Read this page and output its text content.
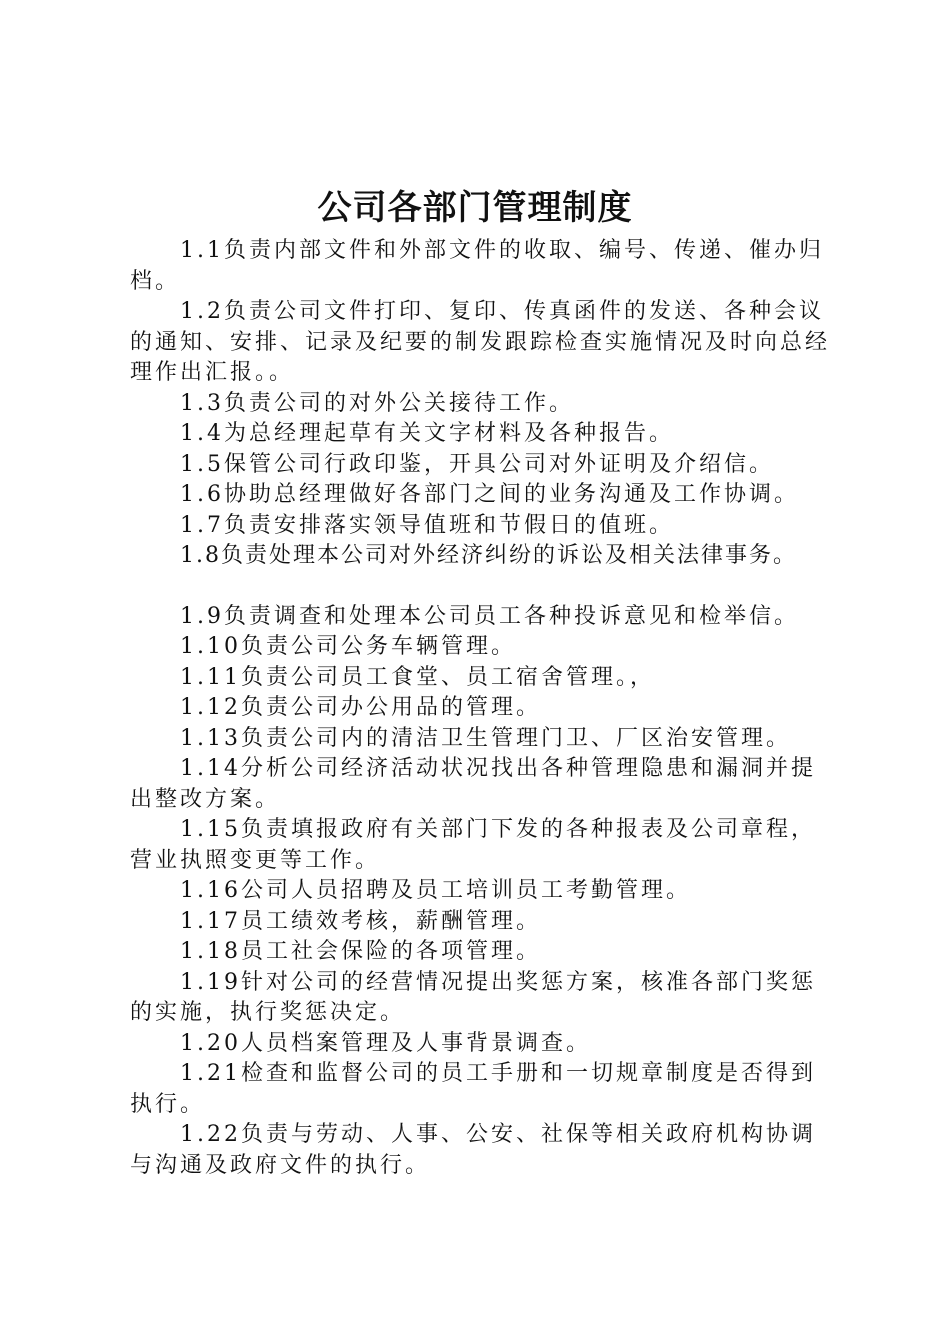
公司各部门管理制度

1.1负责内部文件和外部文件的收取、编号、传递、催办归档。

1.2负责公司文件打印、复印、传真函件的发送、各种会议的通知、安排、记录及纪要的制发跟踪检查实施情况及时向总经理作出汇报。。

1.3负责公司的对外公关接待工作。

1.4为总经理起草有关文字材料及各种报告。

1.5保管公司行政印鉴，开具公司对外证明及介绍信。

1.6协助总经理做好各部门之间的业务沟通及工作协调。

1.7负责安排落实领导值班和节假日的值班。

1.8负责处理本公司对外经济纠纷的诉讼及相关法律事务。

1.9负责调查和处理本公司员工各种投诉意见和检举信。

1.10负责公司公务车辆管理。

1.11负责公司员工食堂、员工宿舍管理。，

1.12负责公司办公用品的管理。

1.13负责公司内的清洁卫生管理门卫、厂区治安管理。

1.14分析公司经济活动状况找出各种管理隐患和漏洞并提出整改方案。

1.15负责填报政府有关部门下发的各种报表及公司章程，营业执照变更等工作。

1.16公司人员招聘及员工培训员工考勤管理。

1.17员工绩效考核，薪酬管理。

1.18员工社会保险的各项管理。

1.19针对公司的经营情况提出奖惩方案，核准各部门奖惩的实施，执行奖惩决定。

1.20人员档案管理及人事背景调查。

1.21检查和监督公司的员工手册和一切规章制度是否得到执行。

1.22负责与劳动、人事、公安、社保等相关政府机构协调与沟通及政府文件的执行。
